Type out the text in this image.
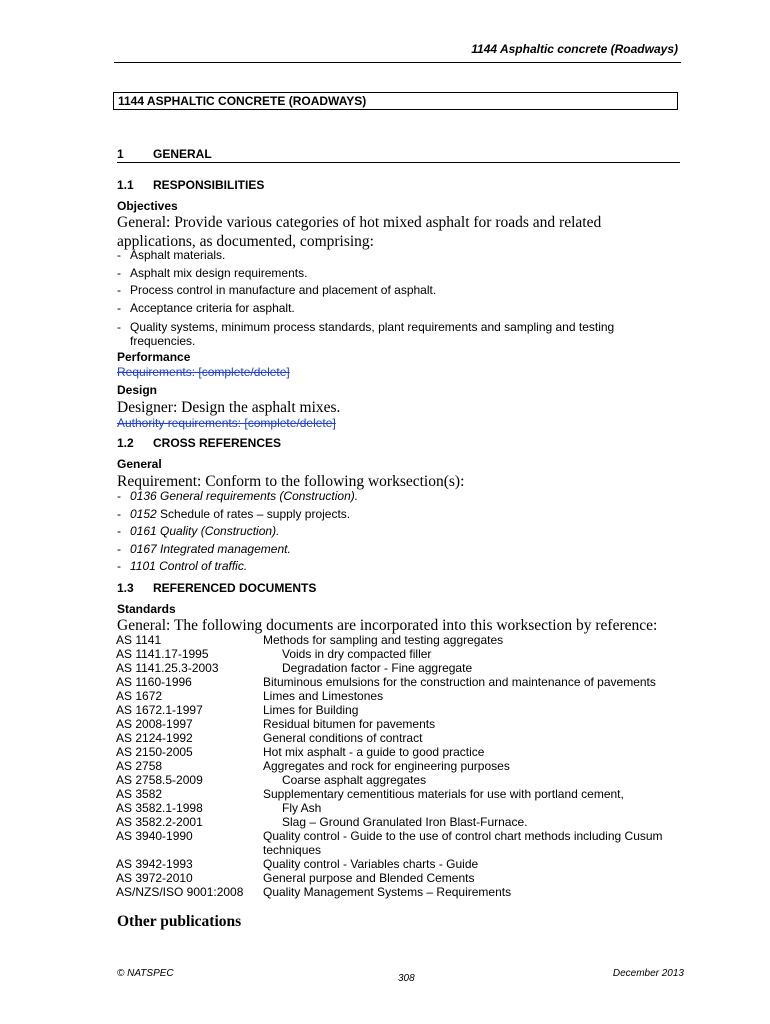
1144 Asphaltic concrete (Roadways)
1144 ASPHALTIC CONCRETE (ROADWAYS)
1 GENERAL
1.1 RESPONSIBILITIES
Objectives
General: Provide various categories of hot mixed asphalt for roads and related applications, as documented, comprising:
- Asphalt materials.
- Asphalt mix design requirements.
- Process control in manufacture and placement of asphalt.
- Acceptance criteria for asphalt.
- Quality systems, minimum process standards, plant requirements and sampling and testing frequencies.
Performance
Requirements: [complete/delete]
Design
Designer: Design the asphalt mixes.
Authority requirements: [complete/delete]
1.2 CROSS REFERENCES
General
Requirement: Conform to the following worksection(s):
- 0136 General requirements (Construction).
- 0152 Schedule of rates – supply projects.
- 0161 Quality (Construction).
- 0167 Integrated management.
- 1101 Control of traffic.
1.3 REFERENCED DOCUMENTS
Standards
General: The following documents are incorporated into this worksection by reference:
AS 1141	Methods for sampling and testing aggregates
AS 1141.17-1995	Voids in dry compacted filler
AS 1141.25.3-2003	Degradation factor - Fine aggregate
AS 1160-1996	Bituminous emulsions for the construction and maintenance of pavements
AS 1672	Limes and Limestones
AS 1672.1-1997	Limes for Building
AS 2008-1997	Residual bitumen for pavements
AS 2124-1992	General conditions of contract
AS 2150-2005	Hot mix asphalt - a guide to good practice
AS 2758	Aggregates and rock for engineering purposes
AS 2758.5-2009	Coarse asphalt aggregates
AS 3582	Supplementary cementitious materials for use with portland cement,
AS 3582.1-1998	Fly Ash
AS 3582.2-2001	Slag – Ground Granulated Iron Blast-Furnace.
AS 3940-1990	Quality control - Guide to the use of control chart methods including Cusum techniques
AS 3942-1993	Quality control - Variables charts - Guide
AS 3972-2010	General purpose and Blended Cements
AS/NZS/ISO 9001:2008	Quality Management Systems – Requirements
Other publications
© NATSPEC	308	December 2013
